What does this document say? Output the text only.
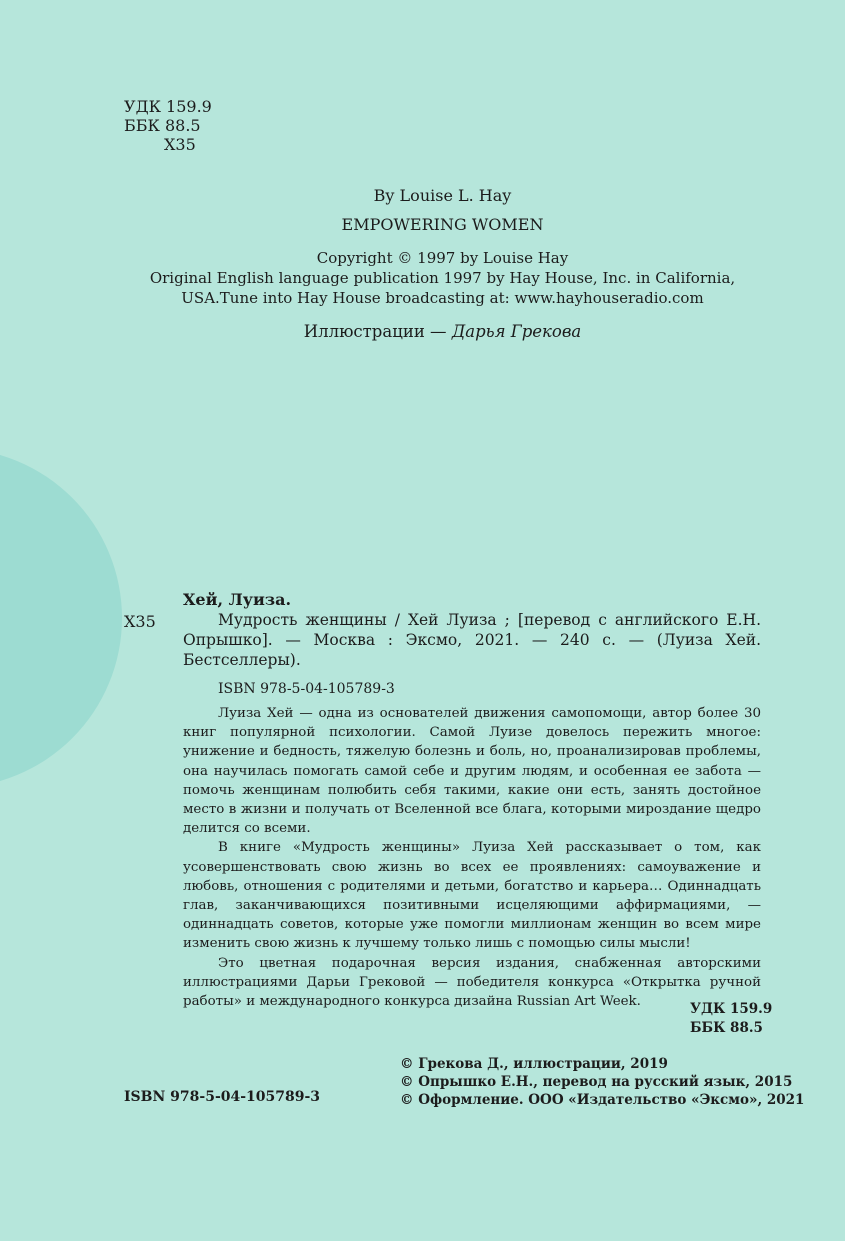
УДК 159.9
ББК 88.5
Х35
By Louise L. Hay
EMPOWERING WOMEN
Copyright © 1997 by Louise Hay
Original English language publication 1997 by Hay House, Inc. in California,
USA.Tune into Hay House broadcasting at: www.hayhouseradio.com
Иллюстрации — Дарья Грекова
Х35
Хей, Луиза.

Мудрость женщины / Хей Луиза ; [перевод с английского Е.Н. Опрышко]. — Москва : Эксмо, 2021. — 240 с. — (Луиза Хей. Бестселлеры).

ISBN 978-5-04-105789-3

Луиза Хей — одна из основателей движения самопомощи, автор более 30 книг популярной психологии. Самой Луизе довелось пережить многое: унижение и бедность, тяжелую болезнь и боль, но, проанализировав проблемы, она научилась помогать самой себе и другим людям, и особенная ее забота — помочь женщинам полюбить себя такими, какие они есть, занять достойное место в жизни и получать от Вселенной все блага, которыми мироздание щедро делится со всеми.

В книге «Мудрость женщины» Луиза Хей рассказывает о том, как усовершенствовать свою жизнь во всех ее проявлениях: самоуважение и любовь, отношения с родителями и детьми, богатство и карьера… Одиннадцать глав, заканчивающихся позитивными исцеляющими аффирмациями, — одиннадцать советов, которые уже помогли миллионам женщин во всем мире изменить свою жизнь к лучшему только лишь с помощью силы мысли!

Это цветная подарочная версия издания, снабженная авторскими иллюстрациями Дарьи Грековой — победителя конкурса «Открытка ручной работы» и международного конкурса дизайна Russian Art Week.	УДК 159.9
ББК 88.5
© Грекова Д., иллюстрации, 2019
© Опрышко Е.Н., перевод на русский язык, 2015
© Оформление. ООО «Издательство «Эксмо», 2021
ISBN 978-5-04-105789-3
